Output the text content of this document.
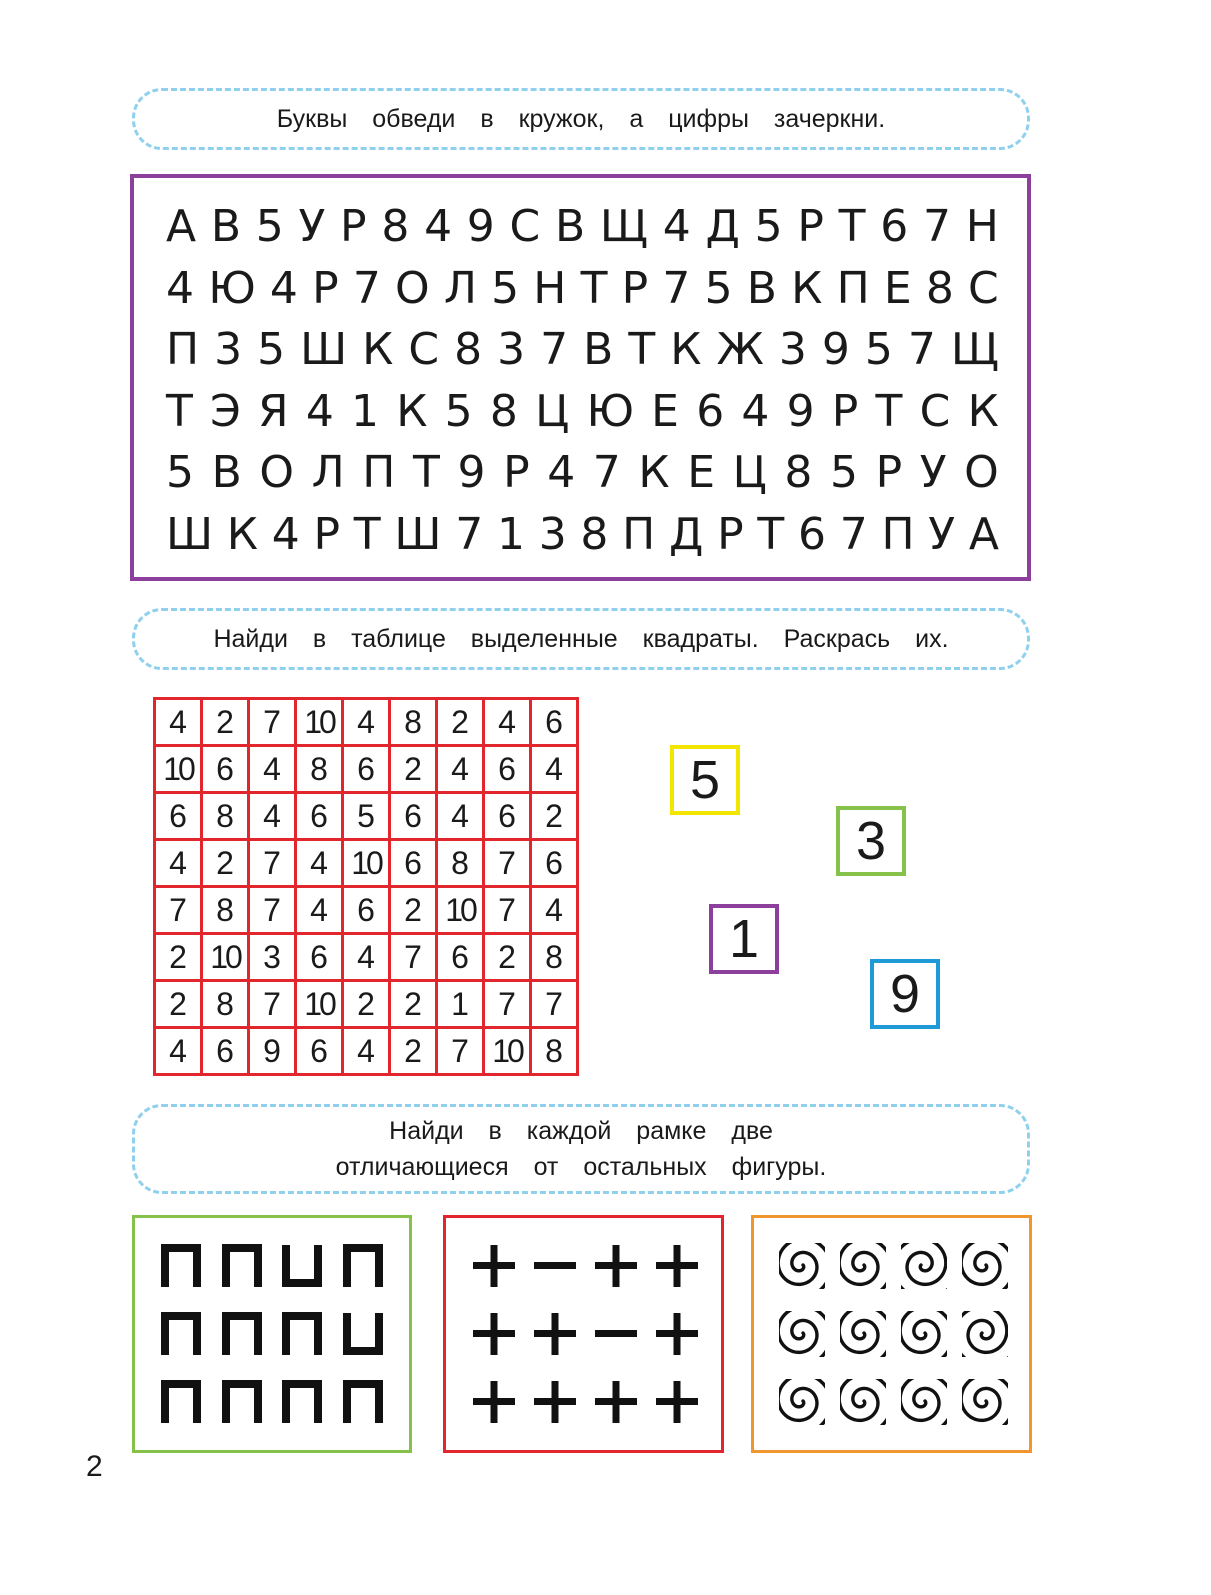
Буквы обведи в кружок, а цифры зачеркни.
А В 5 У Р 8 4 9 С В Щ 4 Д 5 Р Т 6 7 Н
4 Ю 4 Р 7 О Л 5 Н Т Р 7 5 В К П Е 8 С
П 3 5 Ш К С 8 3 7 В Т К Ж 3 9 5 7 Щ
Т Э Я 4 1 К 5 8 Ц Ю Е 6 4 9 Р Т С К
5 В О Л П Т 9 Р 4 7 К Е Ц 8 5 Р У О
Ш К 4 Р Т Ш 7 1 3 8 П Д Р Т 6 7 П У А
Найди в таблице выделенные квадраты. Раскрась их.
4	2	7	10	4	8	2	4	6
10	6	4	8	6	2	4	6	4
6	8	4	6	5	6	4	6	2
4	2	7	4	10	6	8	7	6
7	8	7	4	6	2	10	7	4
2	10	3	6	4	7	6	2	8
2	8	7	10	2	2	1	7	7
4	6	9	6	4	2	7	10	8
5
3
1
9
Найди в каждой рамке две
отличающиеся от остальных фигуры.
2
